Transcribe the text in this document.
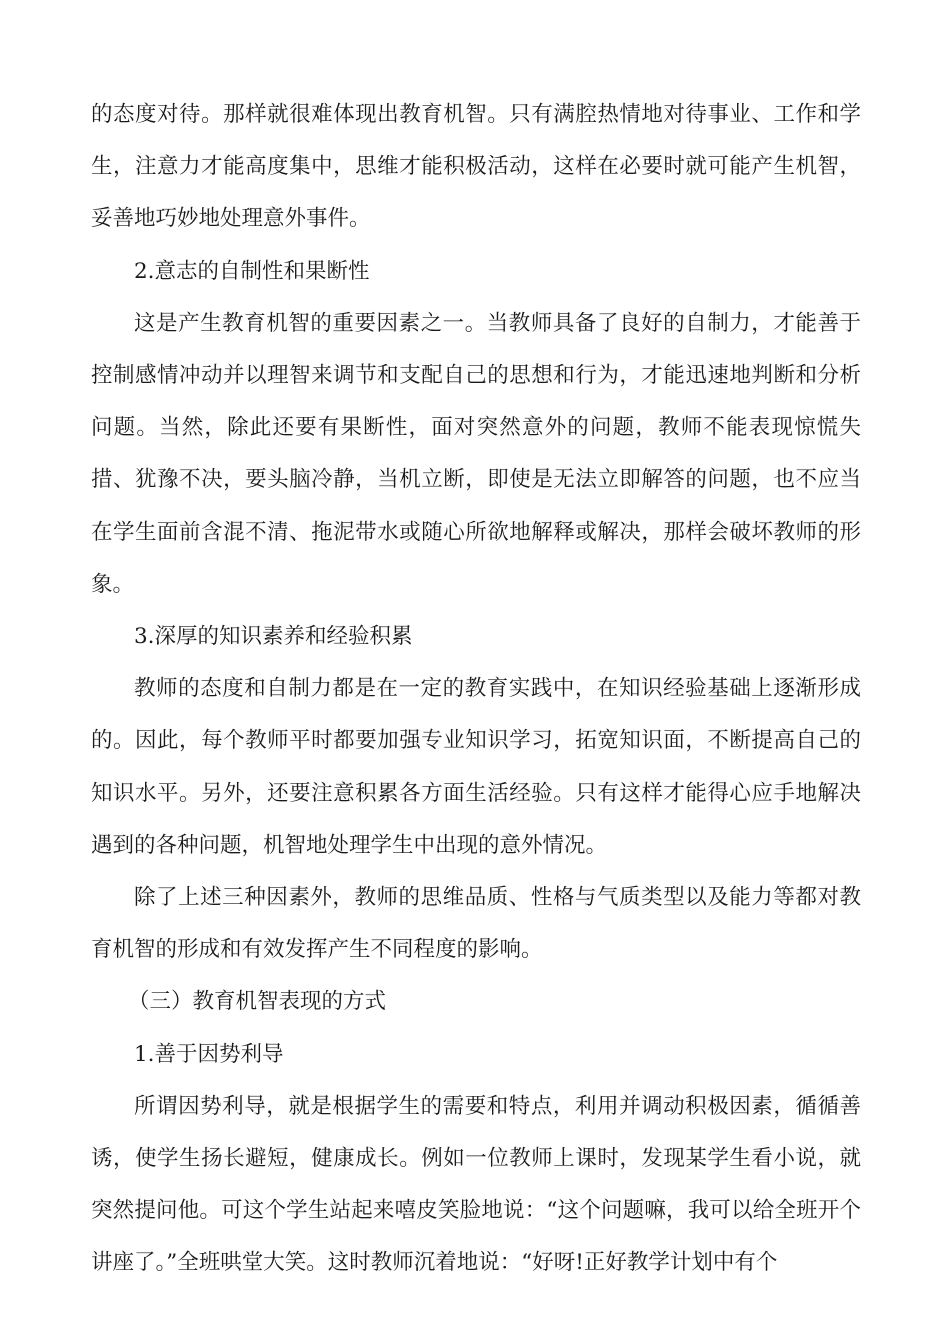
的态度对待。那样就很难体现出教育机智。只有满腔热情地对待事业、工作和学生，注意力才能高度集中，思维才能积极活动，这样在必要时就可能产生机智，妥善地巧妙地处理意外事件。

2.意志的自制性和果断性

这是产生教育机智的重要因素之一。当教师具备了良好的自制力，才能善于控制感情冲动并以理智来调节和支配自己的思想和行为，才能迅速地判断和分析问题。当然，除此还要有果断性，面对突然意外的问题，教师不能表现惊慌失措、犹豫不决，要头脑冷静，当机立断，即使是无法立即解答的问题，也不应当在学生面前含混不清、拖泥带水或随心所欲地解释或解决，那样会破坏教师的形象。

3.深厚的知识素养和经验积累

教师的态度和自制力都是在一定的教育实践中，在知识经验基础上逐渐形成的。因此，每个教师平时都要加强专业知识学习，拓宽知识面，不断提高自己的知识水平。另外，还要注意积累各方面生活经验。只有这样才能得心应手地解决遇到的各种问题，机智地处理学生中出现的意外情况。

除了上述三种因素外，教师的思维品质、性格与气质类型以及能力等都对教育机智的形成和有效发挥产生不同程度的影响。

（三）教育机智表现的方式

1.善于因势利导

所谓因势利导，就是根据学生的需要和特点，利用并调动积极因素，循循善诱，使学生扬长避短，健康成长。例如一位教师上课时，发现某学生看小说，就突然提问他。可这个学生站起来嘻皮笑脸地说：“这个问题嘛，我可以给全班开个讲座了。”全班哄堂大笑。这时教师沉着地说：“好呀!正好教学计划中有个
